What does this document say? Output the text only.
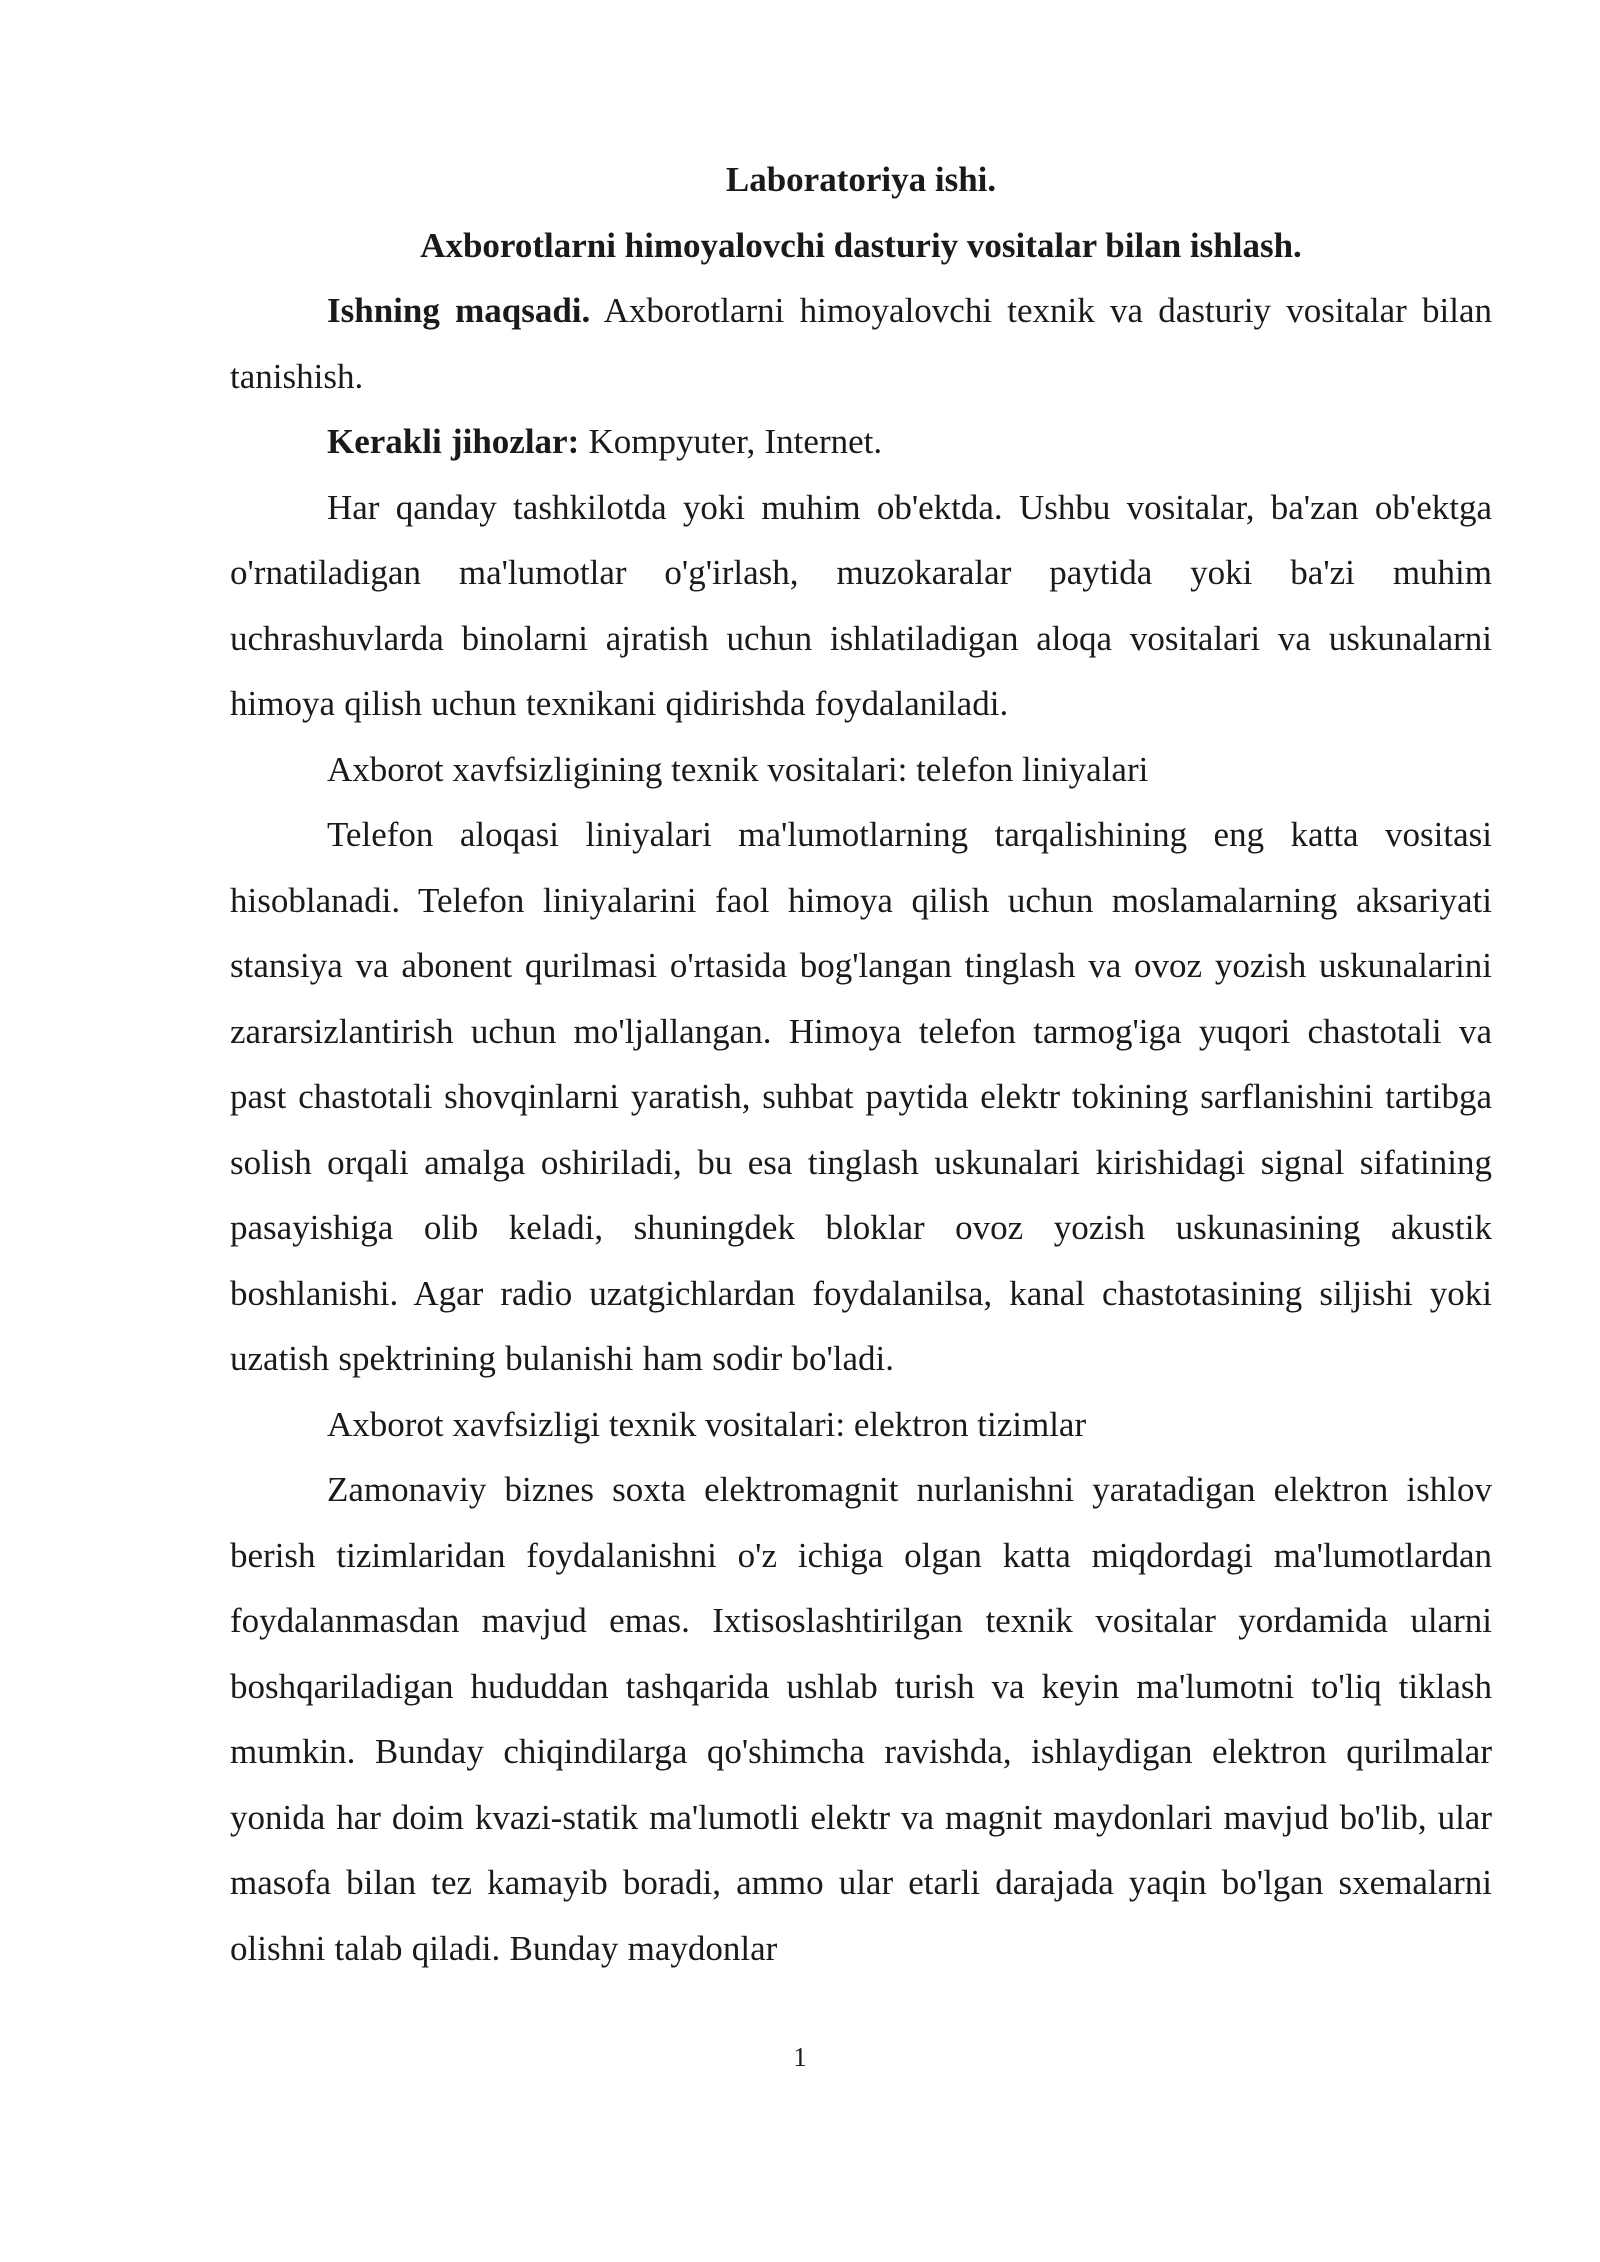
Laboratoriya ishi.

Axborotlarni himoyalovchi dasturiy vositalar bilan ishlash.

Ishning maqsadi. Axborotlarni himoyalovchi texnik va dasturiy vositalar bilan tanishish.

Kerakli jihozlar: Kompyuter, Internet.

Har qanday tashkilotda yoki muhim ob'ektda. Ushbu vositalar, ba'zan ob'ektga o'rnatiladigan ma'lumotlar o'g'irlash, muzokaralar paytida yoki ba'zi muhim uchrashuvlarda binolarni ajratish uchun ishlatiladigan aloqa vositalari va uskunalarni himoya qilish uchun texnikani qidirishda foydalaniladi.

Axborot xavfsizligining texnik vositalari: telefon liniyalari

Telefon aloqasi liniyalari ma'lumotlarning tarqalishining eng katta vositasi hisoblanadi. Telefon liniyalarini faol himoya qilish uchun moslamalarning aksariyati stansiya va abonent qurilmasi o'rtasida bog'langan tinglash va ovoz yozish uskunalarini zararsizlantirish uchun mo'ljallangan. Himoya telefon tarmog'iga yuqori chastotali va past chastotali shovqinlarni yaratish, suhbat paytida elektr tokining sarflanishini tartibga solish orqali amalga oshiriladi, bu esa tinglash uskunalari kirishidagi signal sifatining pasayishiga olib keladi, shuningdek bloklar ovoz yozish uskunasining akustik boshlanishi. Agar radio uzatgichlardan foydalanilsa, kanal chastotasining siljishi yoki uzatish spektrining bulanishi ham sodir bo'ladi.

Axborot xavfsizligi texnik vositalari: elektron tizimlar

Zamonaviy biznes soxta elektromagnit nurlanishni yaratadigan elektron ishlov berish tizimlaridan foydalanishni o'z ichiga olgan katta miqdordagi ma'lumotlardan foydalanmasdan mavjud emas. Ixtisoslashtirilgan texnik vositalar yordamida ularni boshqariladigan hududdan tashqarida ushlab turish va keyin ma'lumotni to'liq tiklash mumkin. Bunday chiqindilarga qo'shimcha ravishda, ishlaydigan elektron qurilmalar yonida har doim kvazi-statik ma'lumotli elektr va magnit maydonlari mavjud bo'lib, ular masofa bilan tez kamayib boradi, ammo ular etarli darajada yaqin bo'lgan sxemalarni olishni talab qiladi. Bunday maydonlar

1
